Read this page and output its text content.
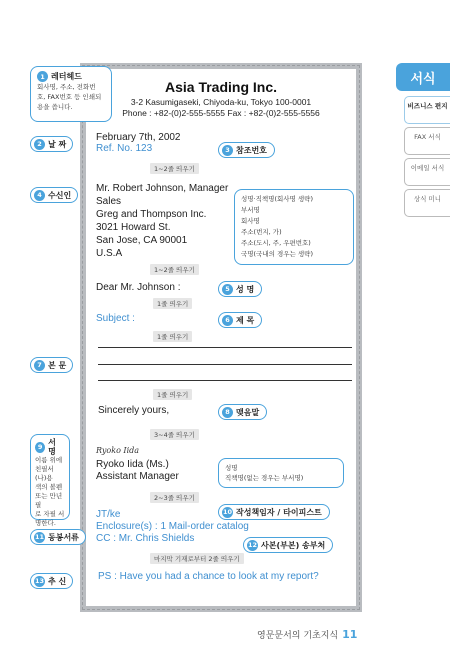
Asia Trading Inc.
3-2 Kasumigaseki, Chiyoda-ku, Tokyo 100-0001
Phone : +82-(0)2-555-5555 Fax : +82-(0)2-555-5556
February 7th, 2002
Ref. No. 123
1~2줄 띄우기
Mr. Robert Johnson, Manager
Sales
Greg and Thompson Inc.
3021 Howard St.
San Jose, CA 90001
U.S.A
1~2줄 띄우기
Dear Mr. Johnson :
1줄 띄우기
Subject :
1줄 띄우기
1줄 띄우기
Sincerely yours,
3~4줄 띄우기
Ryoko Iida
Ryoko Iida (Ms.)
Assistant Manager
2~3줄 띄우기
JT/ke
Enclosure(s) : 1 Mail-order catalog
CC : Mr. Chris Shields
마지막 기재로부터 2줄 띄우기
PS : Have you had a chance to look at my report?
1 레터헤드
회사명, 주소, 전화번
호, FAX번호 등 인쇄되
용을 씁니다.
2 날 짜
4 수신인
7 본 문
9 서 명
이름 위에
친필서(나)용
색의 볼펜
또는 만년필
로 자필 서
명한다.
11 동봉서류
13 추 신
3 참조번호
성명·직책명(회사명 생략)
부서명
회사명
주소(번지, 가)
주소(도시, 주, 우편번호)
국명(국내의 경우는 생략)
5 성 명
6 제 목
8 맺음말
성명
직책명(없는 경우는 부서명)
10 작성책임자 / 타이피스트
12 사본(부본) 송부처
서식
비즈니스 편지
FAX 서식
이메일 서식
상식 미니
영문문서의 기초지식 11
